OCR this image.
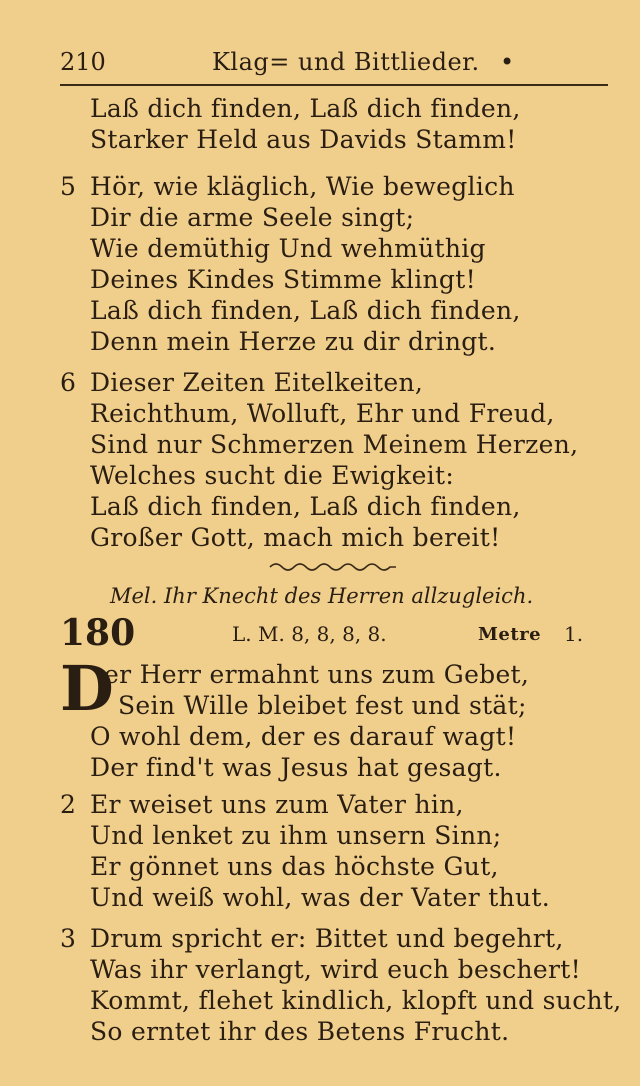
210	Klag= und Bittlieder. •
Laß dich finden, Laß dich finden,
Starker Held aus Davids Stamm!
5 Hör, wie kläglich, Wie beweglich
Dir die arme Seele singt;
Wie demüthig Und wehmüthig
Deines Kindes Stimme klingt!
Laß dich finden, Laß dich finden,
Denn mein Herze zu dir dringt.
6 Dieser Zeiten Eitelkeiten,
Reichthum, Wolluft, Ehr und Freud,
Sind nur Schmerzen Meinem Herzen,
Welches sucht die Ewigkeit:
Laß dich finden, Laß dich finden,
Großer Gott, mach mich bereit!
Mel. Ihr Knecht des Herren allzugleich.
180	L. M. 8, 8, 8, 8.	Metre 1.
D
er Herr ermahnt uns zum Gebet,
Sein Wille bleibet fest und stät;
O wohl dem, der es darauf wagt!
Der find't was Jesus hat gesagt.
2 Er weiset uns zum Vater hin,
Und lenket zu ihm unsern Sinn;
Er gönnet uns das höchste Gut,
Und weiß wohl, was der Vater thut.
3 Drum spricht er: Bittet und begehrt,
Was ihr verlangt, wird euch beschert!
Kommt, flehet kindlich, klopft und sucht,
So erntet ihr des Betens Frucht.
